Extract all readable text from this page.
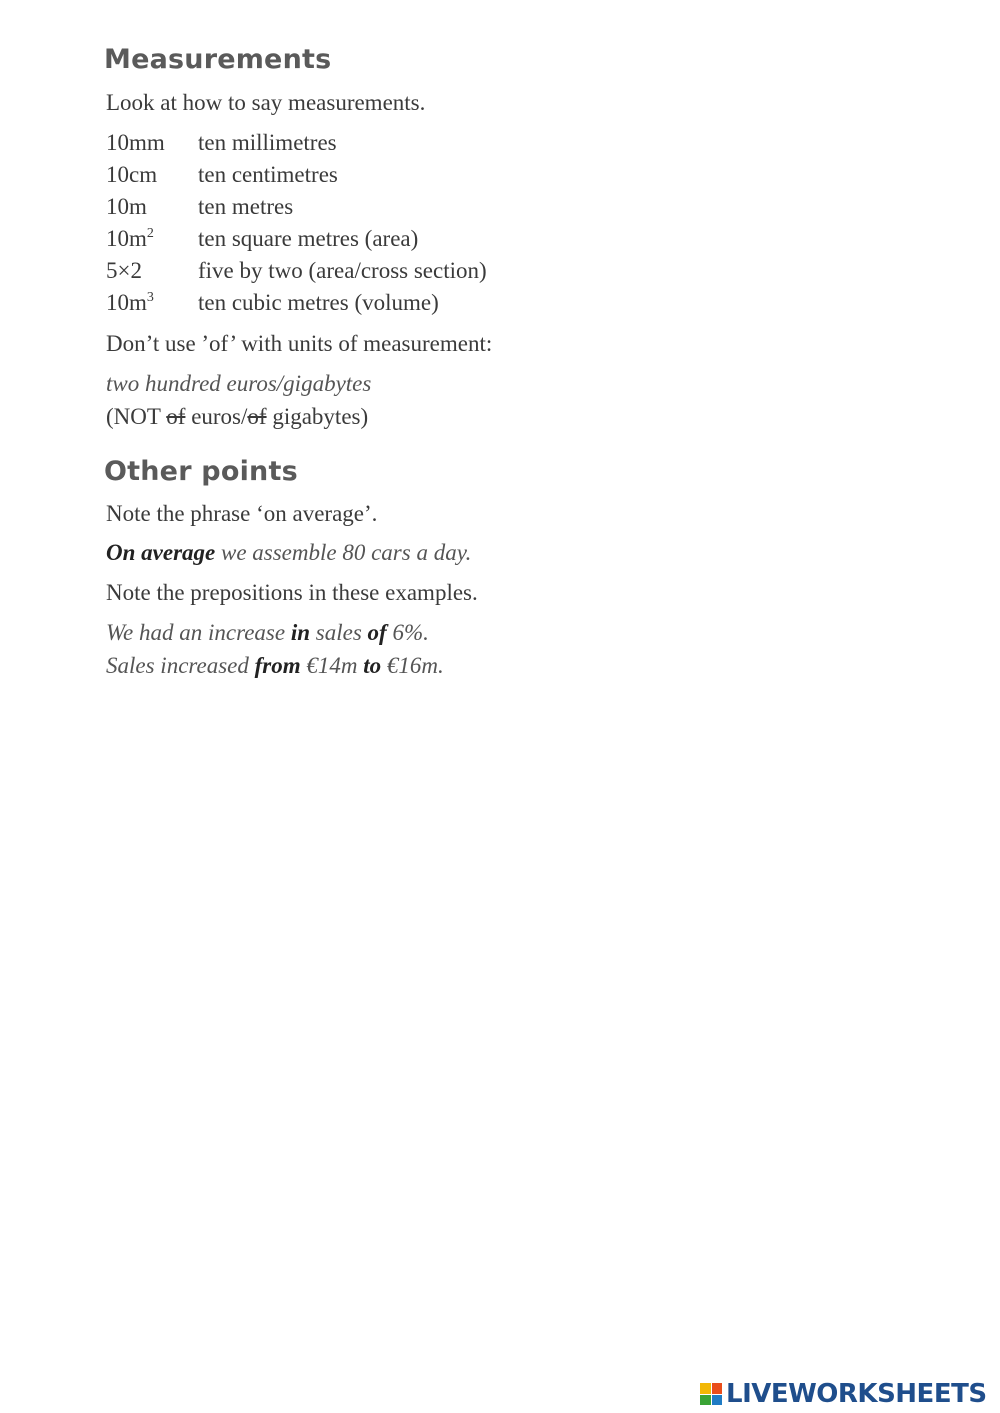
Measurements

Look at how to say measurements.

10mm ten millimetres
10cm ten centimetres
10m ten metres
$10m^2$ ten square metres (area)
5×2 five by two (area/cross section)
$10m^3$ ten cubic metres (volume)

Don’t use ’of’ with units of measurement:

two hundred euros/gigabytes

(NOT of euros/of gigabytes)

Other points

Note the phrase ‘on average’.

On average we assemble 80 cars a day.

Note the prepositions in these examples.

We had an increase in sales of 6%.

Sales increased from €14m to €16m.

LIVEWORKSHEETS
